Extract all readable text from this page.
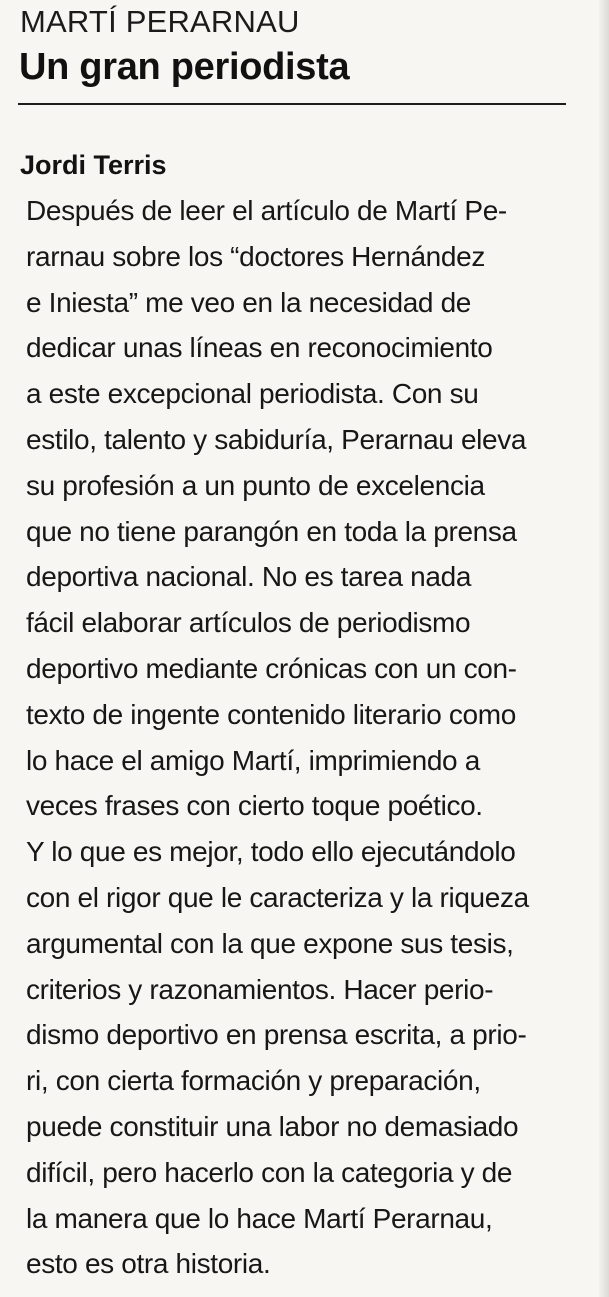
MARTÍ PERARNAU
Un gran periodista
Jordi Terris
Después de leer el artículo de Martí Pe-
rarnau sobre los “doctores Hernández
e Iniesta” me veo en la necesidad de
dedicar unas líneas en reconocimiento
a este excepcional periodista. Con su
estilo, talento y sabiduría, Perarnau eleva
su profesión a un punto de excelencia
que no tiene parangón en toda la prensa
deportiva nacional. No es tarea nada
fácil elaborar artículos de periodismo
deportivo mediante crónicas con un con-
texto de ingente contenido literario como
lo hace el amigo Martí, imprimiendo a
veces frases con cierto toque poético.
Y lo que es mejor, todo ello ejecutándolo
con el rigor que le caracteriza y la riqueza
argumental con la que expone sus tesis,
criterios y razonamientos. Hacer perio-
dismo deportivo en prensa escrita, a prio-
ri, con cierta formación y preparación,
puede constituir una labor no demasiado
difícil, pero hacerlo con la categoria y de
la manera que lo hace Martí Perarnau,
esto es otra historia.
